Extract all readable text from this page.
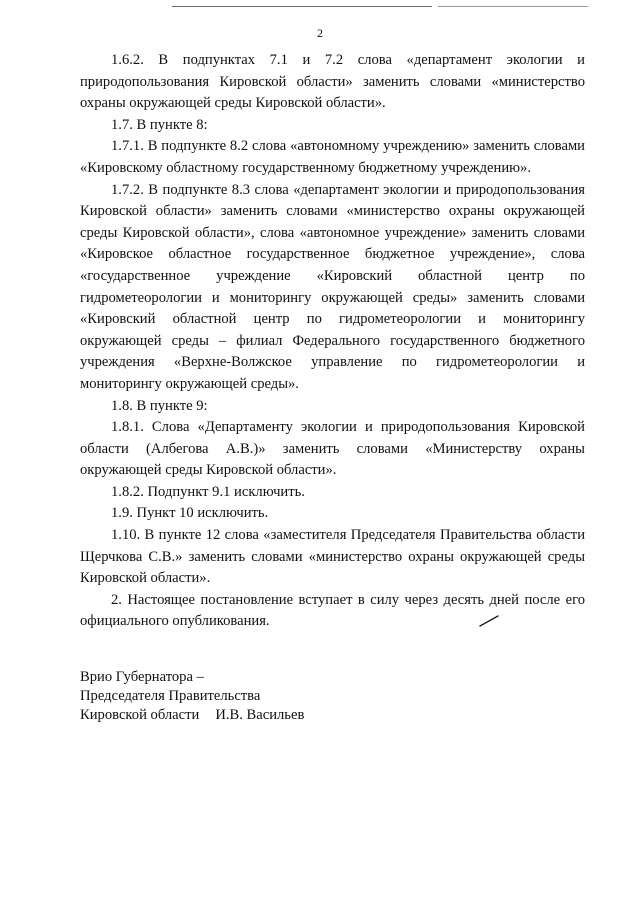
2

1.6.2. В подпунктах 7.1 и 7.2 слова «департамент экологии и природопользования Кировской области» заменить словами «министерство охраны окружающей среды Кировской области».

1.7. В пункте 8:

1.7.1. В подпункте 8.2 слова «автономному учреждению» заменить словами «Кировскому областному государственному бюджетному учреждению».

1.7.2. В подпункте 8.3 слова «департамент экологии и природопользования Кировской области» заменить словами «министерство охраны окружающей среды Кировской области», слова «автономное учреждение» заменить словами «Кировское областное государственное бюджетное учреждение», слова «государственное учреждение «Кировский областной центр по гидрометеорологии и мониторингу окружающей среды» заменить словами «Кировский областной центр по гидрометеорологии и мониторингу окружающей среды – филиал Федерального государственного бюджетного учреждения «Верхне-Волжское управление по гидрометеорологии и мониторингу окружающей среды».

1.8. В пункте 9:

1.8.1. Слова «Департаменту экологии и природопользования Кировской области (Албегова А.В.)» заменить словами «Министерству охраны окружающей среды Кировской области».

1.8.2. Подпункт 9.1 исключить.

1.9. Пункт 10 исключить.

1.10. В пункте 12 слова «заместителя Председателя Правительства области Щерчкова С.В.» заменить словами «министерство охраны окружающей среды Кировской области».

2. Настоящее постановление вступает в силу через десять дней после его официального опубликования.

Врио Губернатора –
Председателя Правительства
Кировской области И.В. Васильев
